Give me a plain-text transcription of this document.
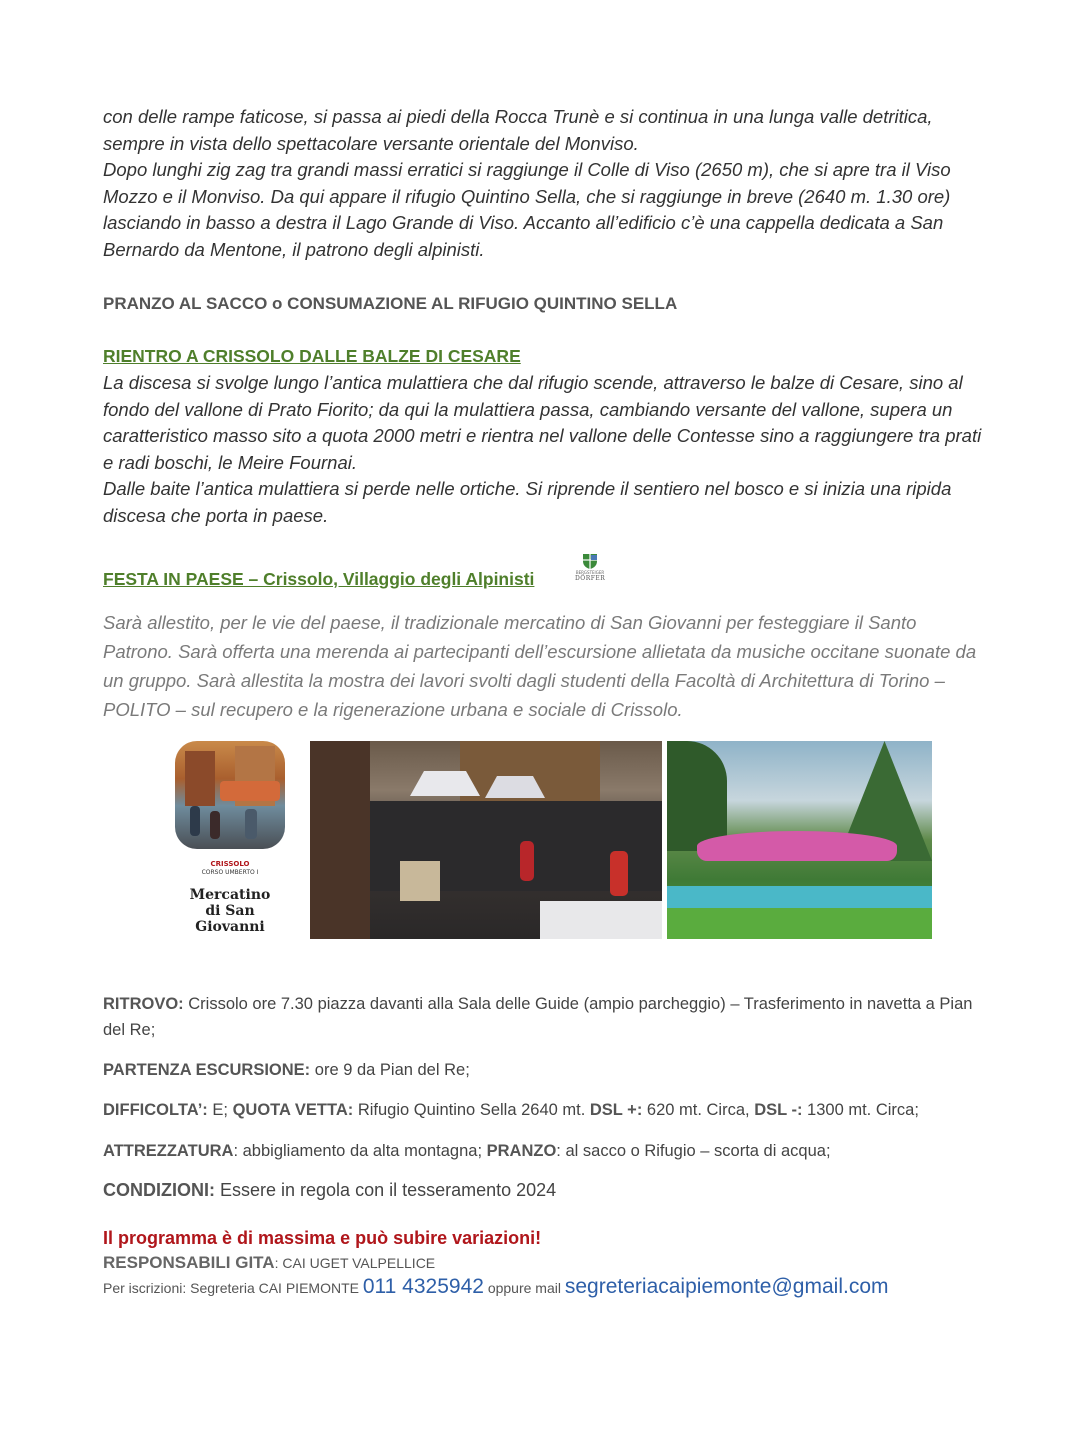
con delle rampe faticose, si passa ai piedi della Rocca Trunè e si continua in una lunga valle detritica, sempre in vista dello spettacolare versante orientale del Monviso.

Dopo lunghi zig zag tra grandi massi erratici si raggiunge il Colle di Viso (2650 m), che si apre tra il Viso Mozzo e il Monviso. Da qui appare il rifugio Quintino Sella, che si raggiunge in breve (2640 m. 1.30 ore) lasciando in basso a destra il Lago Grande di Viso. Accanto all’edificio c’è una cappella dedicata a San Bernardo da Mentone, il patrono degli alpinisti.

PRANZO AL SACCO o CONSUMAZIONE AL RIFUGIO QUINTINO SELLA
RIENTRO A CRISSOLO DALLE BALZE DI CESARE

La discesa si svolge lungo l’antica mulattiera che dal rifugio scende, attraverso le balze di Cesare, sino al fondo del vallone di Prato Fiorito; da qui la mulattiera passa, cambiando versante del vallone, supera un caratteristico masso sito a quota 2000 metri e rientra nel vallone delle Contesse sino a raggiungere tra prati e radi boschi, le Meire Fournai.

Dalle baite l’antica mulattiera si perde nelle ortiche. Si riprende il sentiero nel bosco e si inizia una ripida discesa che porta in paese.

FESTA IN PAESE – Crissolo, Villaggio degli Alpinisti	BERGSTEIGER
DÖRFER
Sarà allestito, per le vie del paese, il tradizionale mercatino di San Giovanni per festeggiare il Santo Patrono. Sarà offerta una merenda ai partecipanti dell’escursione allietata da musiche occitane suonate da un gruppo. Sarà allestita la mostra dei lavori svolti dagli studenti della Facoltà di Architettura di Torino – POLITO – sul recupero e la rigenerazione urbana e sociale di Crissolo.
CRISSOLO
CORSO UMBERTO I
Mercatino
di San
Giovanni
RITROVO: Crissolo ore 7.30 piazza davanti alla Sala delle Guide (ampio parcheggio) – Trasferimento in navetta a Pian del Re;
PARTENZA ESCURSIONE: ore 9 da Pian del Re;
DIFFICOLTA’: E; QUOTA VETTA: Rifugio Quintino Sella 2640 mt. DSL +: 620 mt. Circa, DSL -: 1300 mt. Circa;
ATTREZZATURA: abbigliamento da alta montagna; PRANZO: al sacco o Rifugio – scorta di acqua;
CONDIZIONI: Essere in regola con il tesseramento 2024
Il programma è di massima e può subire variazioni!
RESPONSABILI GITA: CAI UGET VALPELLICE
Per iscrizioni: Segreteria CAI PIEMONTE 011 4325942 oppure mail segreteriacaipiemonte@gmail.com
